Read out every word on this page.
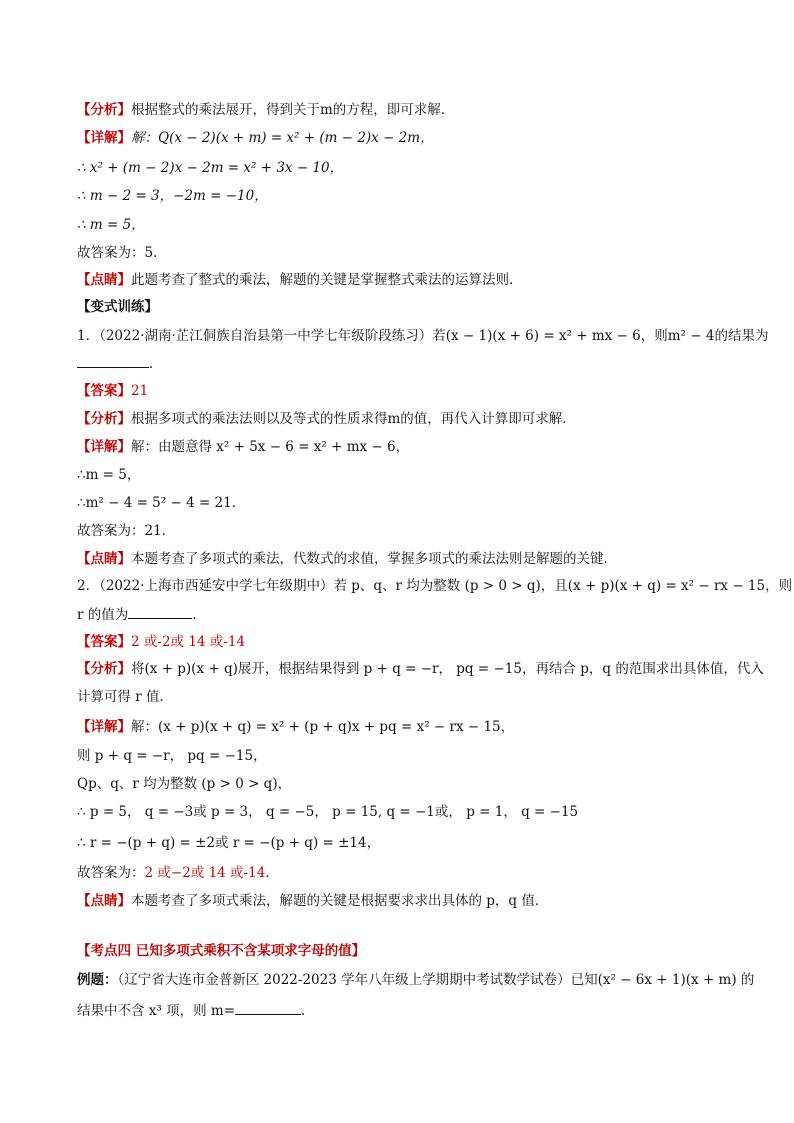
【分析】根据整式的乘法展开，得到关于m的方程，即可求解．
【详解】解：Q(x − 2)(x + m) = x² + (m − 2)x − 2m，
∴ x² + (m − 2)x − 2m = x² + 3x − 10，
∴ m − 2 = 3，−2m = −10，
∴ m = 5，
故答案为：5．
【点睛】此题考查了整式的乘法，解题的关键是掌握整式乘法的运算法则．
【变式训练】
1．（2022·湖南·芷江侗族自治县第一中学七年级阶段练习）若(x − 1)(x + 6) = x² + mx − 6，则m² − 4的结果为
．
【答案】21
【分析】根据多项式的乘法法则以及等式的性质求得m的值，再代入计算即可求解．
【详解】解：由题意得 x² + 5x − 6 = x² + mx − 6，
∴m = 5，
∴m² − 4 = 5² − 4 = 21．
故答案为：21．
【点睛】本题考查了多项式的乘法，代数式的求值，掌握多项式的乘法法则是解题的关键．
2．（2022·上海市西延安中学七年级期中）若 p、q、r 均为整数 (p > 0 > q)，且(x + p)(x + q) = x² − rx − 15，则
r 的值为	．
【答案】2 或-2或 14 或-14
【分析】将(x + p)(x + q)展开，根据结果得到 p + q = −r， pq = −15，再结合 p，q 的范围求出具体值，代入
计算可得 r 值．
【详解】解：(x + p)(x + q) = x² + (p + q)x + pq = x² − rx − 15，
则 p + q = −r， pq = −15，
Qp、q、r 均为整数 (p > 0 > q)，
∴ p = 5， q = −3或 p = 3， q = −5， p = 15, q = −1或， p = 1， q = −15
∴ r = −(p + q) = ±2或 r = −(p + q) = ±14，
故答案为：2 或−2或 14 或-14．
【点睛】本题考查了多项式乘法，解题的关键是根据要求求出具体的 p，q 值．
【考点四 已知多项式乘积不含某项求字母的值】
例题：（辽宁省大连市金普新区 2022-2023 学年八年级上学期期中考试数学试卷）已知(x² − 6x + 1)(x + m) 的
结果中不含 x³ 项，则 m=	．
